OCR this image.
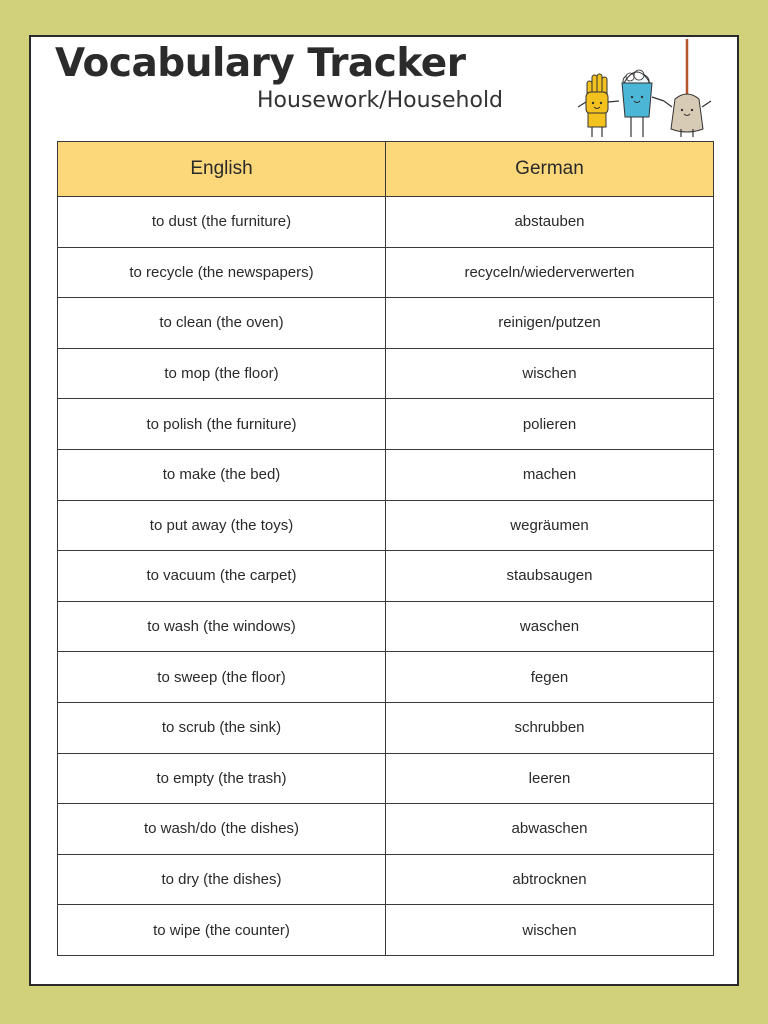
Vocabulary Tracker
Housework/Household
English	German
to dust (the furniture)	abstauben
to recycle (the newspapers)	recyceln/wiederverwerten
to clean (the oven)	reinigen/putzen
to mop (the floor)	wischen
to polish (the furniture)	polieren
to make (the bed)	machen
to put away (the toys)	wegräumen
to vacuum (the carpet)	staubsaugen
to wash (the windows)	waschen
to sweep (the floor)	fegen
to scrub (the sink)	schrubben
to empty (the trash)	leeren
to wash/do (the dishes)	abwaschen
to dry (the dishes)	abtrocknen
to wipe (the counter)	wischen
